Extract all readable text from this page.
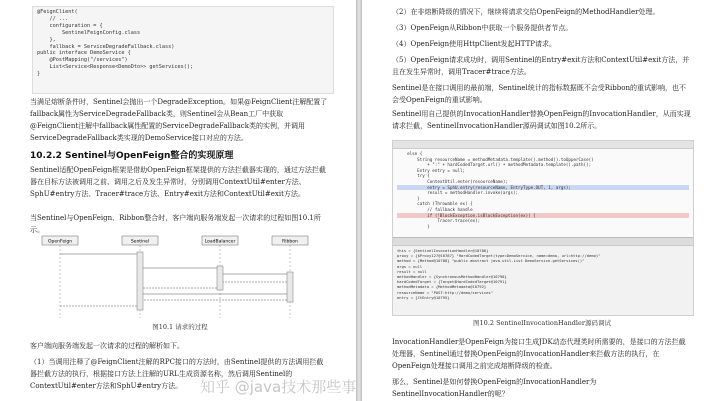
@FeignClient(
// ...
configuration = {
SentinelFeignConfig.class
},
fallback = ServiceDegradeFallback.class)
public interface DemoService {
@PostMapping("/services")
List<Service<Response<DemoDto>> getServices();
}

当满足熔断条件时，Sentinel会抛出一个DegradeException。如果@FeignClient注解配置了fallback属性为ServiceDegradeFallback类，则Sentinel会从Bean工厂中获取@FeignClient注解中fallback属性配置的ServiceDegradeFallback类的实例，并调用ServiceDegradeFallback类实现的DemoService接口对应的方法。

10.2.2 Sentinel与OpenFeign整合的实现原理

Sentinel适配OpenFeign框架是借助OpenFeign框架提供的方法拦截器实现的，通过方法拦截器在目标方法被调用之前、调用之后及发生异常时，分别调用ContextUtil#enter方法、SphU#entry方法、Tracer#trace方法、Entry#exit方法和ContextUtil#exit方法。

当Sentinel与OpenFeign、Ribbon整合时，客户端向服务端发起一次请求的过程如图10.1所示。

OpenFeign	Sentinel	LoadBalancer	Ribbon

图10.1 请求的过程

客户端向服务端发起一次请求的过程的解析如下。

（1）当调用注释了@FeignClient注解的RPC接口的方法时，由Sentinel提供的方法调用拦截器拦截方法的执行，根据接口方法上注解的URL生成资源名称，然后调用Sentinel的ContextUtil#enter方法和SphU#entry方法。

（2）在非熔断降级的情况下，继续将请求交给OpenFeign的MethodHandler处理。

（3）OpenFeign从Ribbon中获取一个服务提供者节点。

（4）OpenFeign使用HttpClient发起HTTP请求。

（5）OpenFeign请求成功时，调用Sentinel的Entry#exit方法和ContextUtil#exit方法，并且在发生异常时，调用Tracer#trace方法。

Sentinel是在接口调用的最前端，Sentinel统计的指标数据既不会受Ribbon的重试影响，也不会受OpenFeign的重试影响。

Sentinel用自己提供的InvocationHandler替换OpenFeign的InvocationHandler，从而实现请求拦截，SentinelInvocationHandler源码调试如图10.2所示。

else {
String resourceName = methodMetadata.template().method().toUpperCase()
+ ":" + hardCodedTarget.url() + methodMetadata.template().path();
Entry entry = null;
try {
ContextUtil.enter(resourceName);
entry = SphU.entry(resourceName, EntryType.OUT, 1, args);
result = methodHandler.invoke(args);
}
catch (Throwable ex) {
// fallback handle
if (!BlockException.isBlockException(ex)) {
Tracer.trace(ex);
}
this = {SentinelInvocationHandler@10786}
proxy = {$Proxy127@10787} "HardCodedTarget(type=DemoService, name=demo, url=http://demo)"
method = {Method@10788} "public abstract java.util.List DemoService.getServices()"
args = null
result = null
methodHandler = {SynchronousMethodHandler@10790}
hardCodedTarget = {Target$HardCodedTarget@10791}
methodMetadata = {MethodMetadata@10792}
resourceName = "POST:http://demo/services"
entry = {CtEntry@10795}

图10.2 SentinelInvocationHandler源码调试

InvocationHandler是OpenFeign为接口生成JDK动态代理类时所需要的，是接口的方法拦截处理器，Sentinel通过替换OpenFeign的InvocationHandler来拦截方法的执行，在OpenFeign处理接口调用之前完成熔断降级的检查。

那么，Sentinel是如何替换OpenFeign的InvocationHandler为SentinelInvocationHandler的呢？

知乎 @java技术那些事
